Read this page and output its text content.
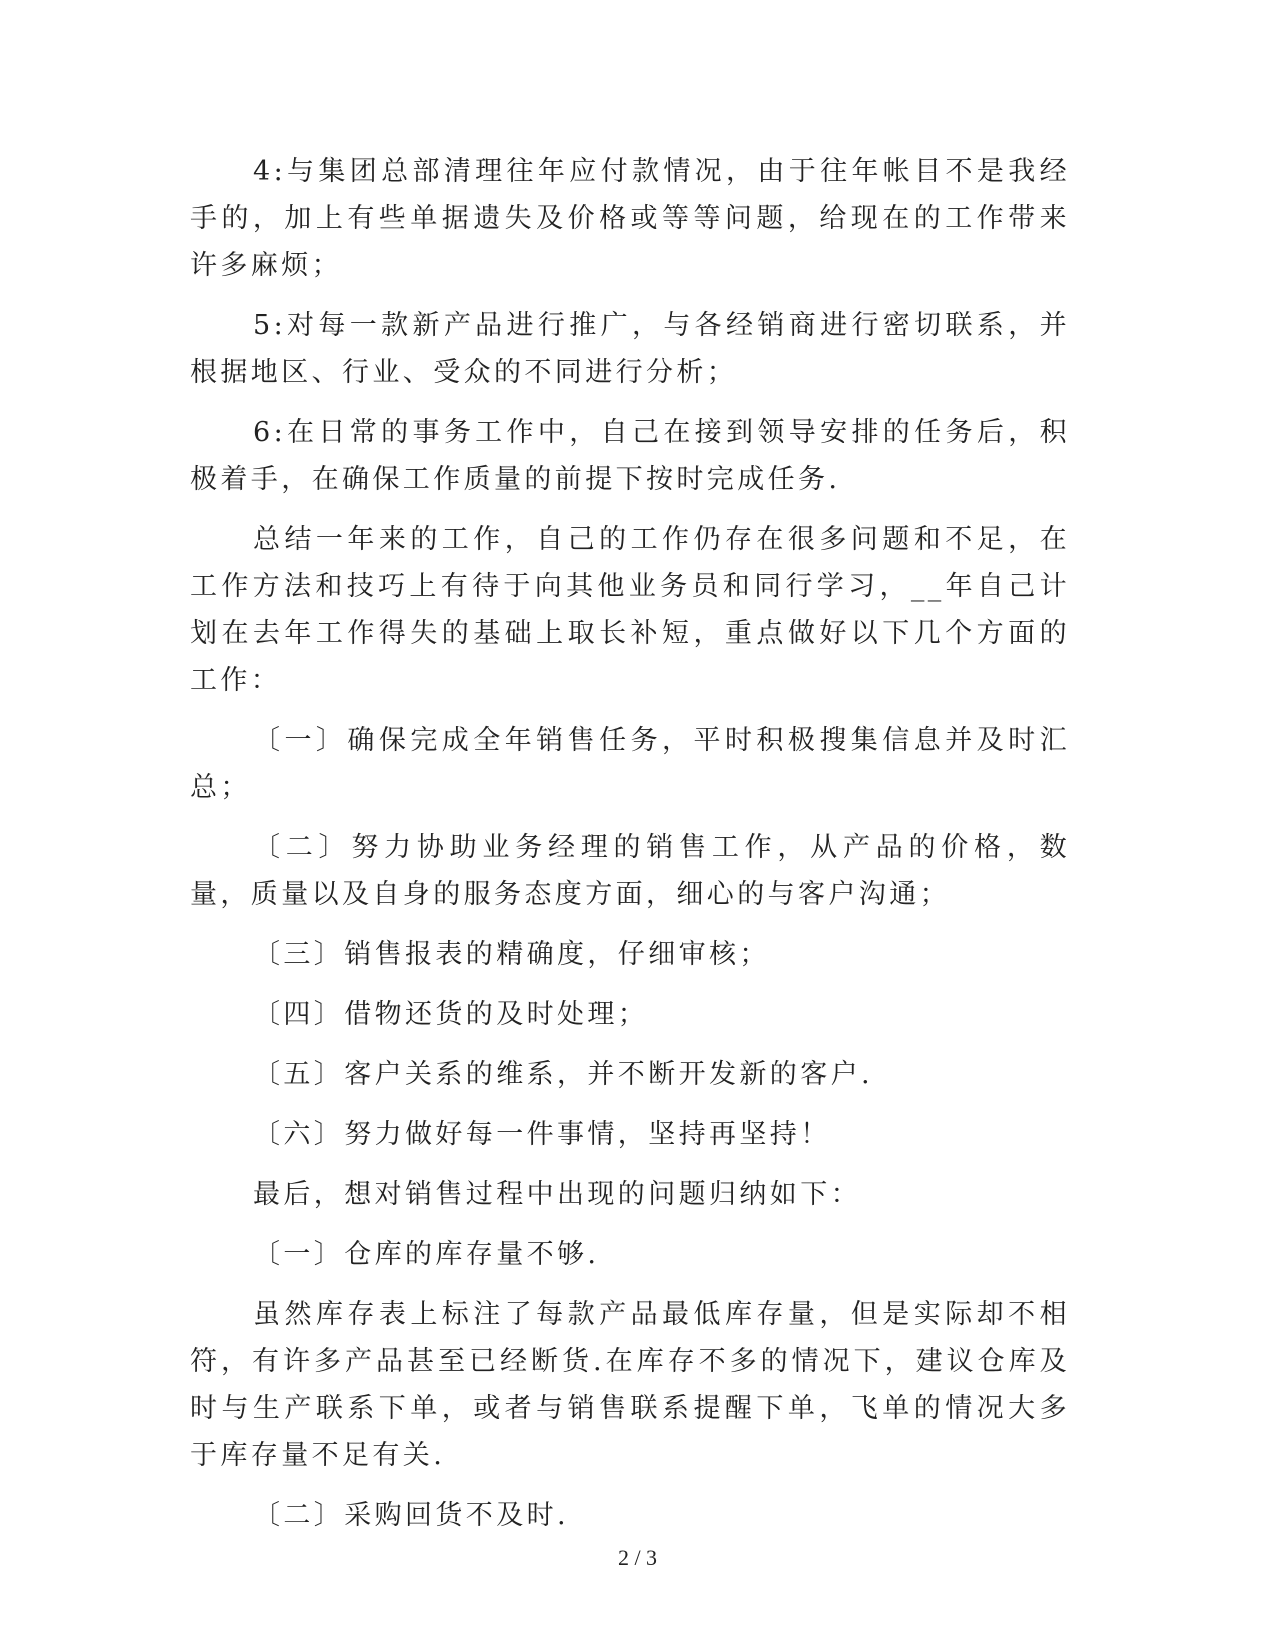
4:与集团总部清理往年应付款情况，由于往年帐目不是我经手的，加上有些单据遗失及价格或等等问题，给现在的工作带来许多麻烦；

5:对每一款新产品进行推广，与各经销商进行密切联系，并根据地区、行业、受众的不同进行分析；

6:在日常的事务工作中，自己在接到领导安排的任务后，积极着手，在确保工作质量的前提下按时完成任务.

总结一年来的工作，自己的工作仍存在很多问题和不足，在工作方法和技巧上有待于向其他业务员和同行学习，__年自己计划在去年工作得失的基础上取长补短，重点做好以下几个方面的工作：

〔一〕确保完成全年销售任务，平时积极搜集信息并及时汇总；

〔二〕努力协助业务经理的销售工作，从产品的价格，数量，质量以及自身的服务态度方面，细心的与客户沟通；

〔三〕销售报表的精确度，仔细审核；

〔四〕借物还货的及时处理；

〔五〕客户关系的维系，并不断开发新的客户.

〔六〕努力做好每一件事情，坚持再坚持！

最后，想对销售过程中出现的问题归纳如下：

〔一〕仓库的库存量不够.

虽然库存表上标注了每款产品最低库存量，但是实际却不相符，有许多产品甚至已经断货.在库存不多的情况下，建议仓库及时与生产联系下单，或者与销售联系提醒下单，飞单的情况大多于库存量不足有关.

〔二〕采购回货不及时.

2 / 3
